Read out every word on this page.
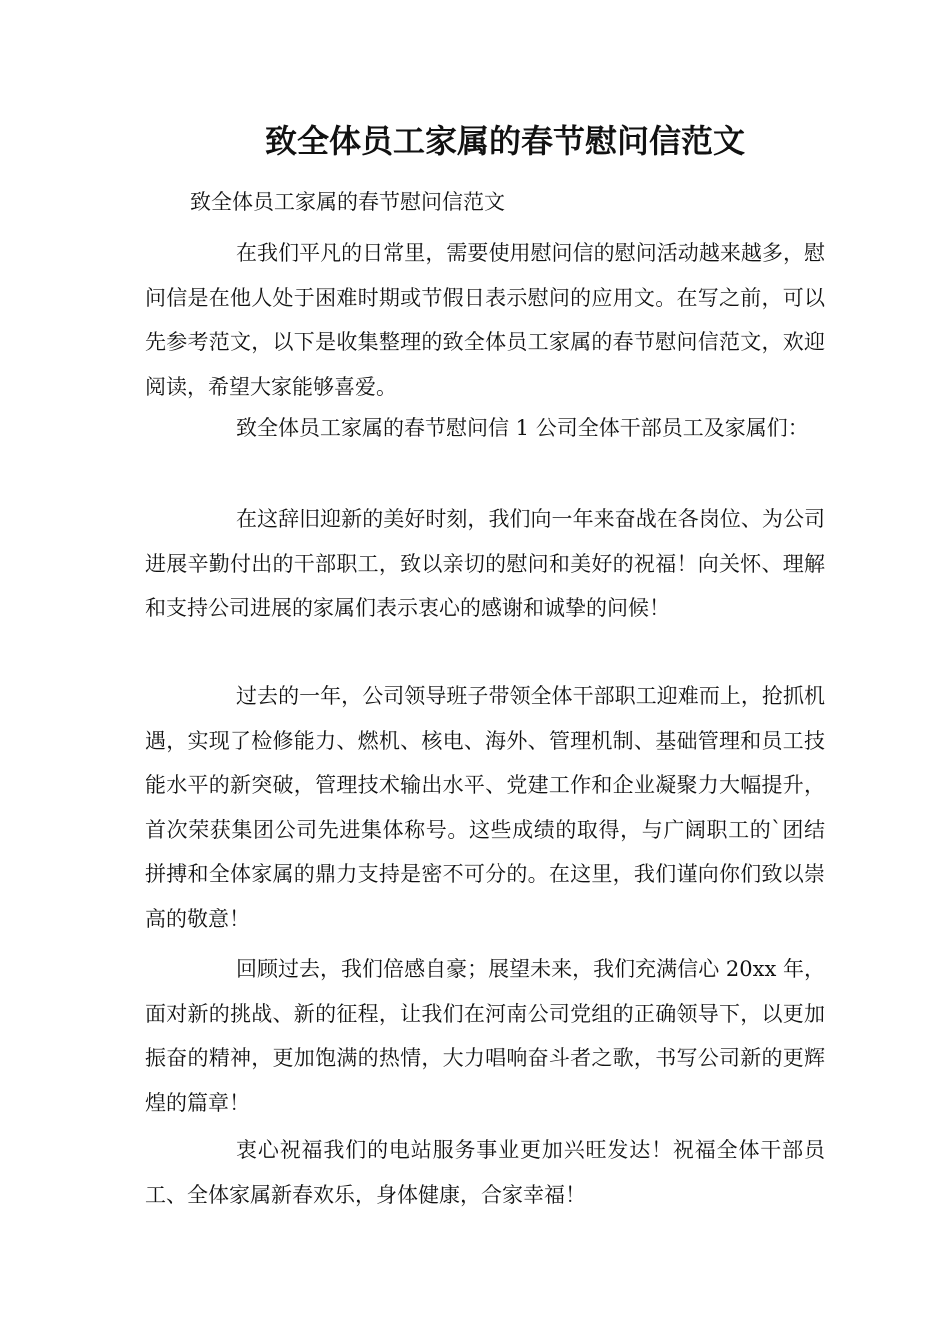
致全体员工家属的春节慰问信范文
致全体员工家属的春节慰问信范文

在我们平凡的日常里，需要使用慰问信的慰问活动越来越多，慰问信是在他人处于困难时期或节假日表示慰问的应用文。在写之前，可以先参考范文，以下是收集整理的致全体员工家属的春节慰问信范文，欢迎阅读，希望大家能够喜爱。

致全体员工家属的春节慰问信 1 公司全体干部员工及家属们：

在这辞旧迎新的美好时刻，我们向一年来奋战在各岗位、为公司进展辛勤付出的干部职工，致以亲切的慰问和美好的祝福！向关怀、理解和支持公司进展的家属们表示衷心的感谢和诚挚的问候！

过去的一年，公司领导班子带领全体干部职工迎难而上，抢抓机遇，实现了检修能力、燃机、核电、海外、管理机制、基础管理和员工技能水平的新突破，管理技术输出水平、党建工作和企业凝聚力大幅提升，首次荣获集团公司先进集体称号。这些成绩的取得，与广阔职工的`团结拼搏和全体家属的鼎力支持是密不可分的。在这里，我们谨向你们致以崇高的敬意！

回顾过去，我们倍感自豪；展望未来，我们充满信心 20xx 年，面对新的挑战、新的征程，让我们在河南公司党组的正确领导下，以更加振奋的精神，更加饱满的热情，大力唱响奋斗者之歌，书写公司新的更辉煌的篇章！

衷心祝福我们的电站服务事业更加兴旺发达！祝福全体干部员工、全体家属新春欢乐，身体健康，合家幸福！
